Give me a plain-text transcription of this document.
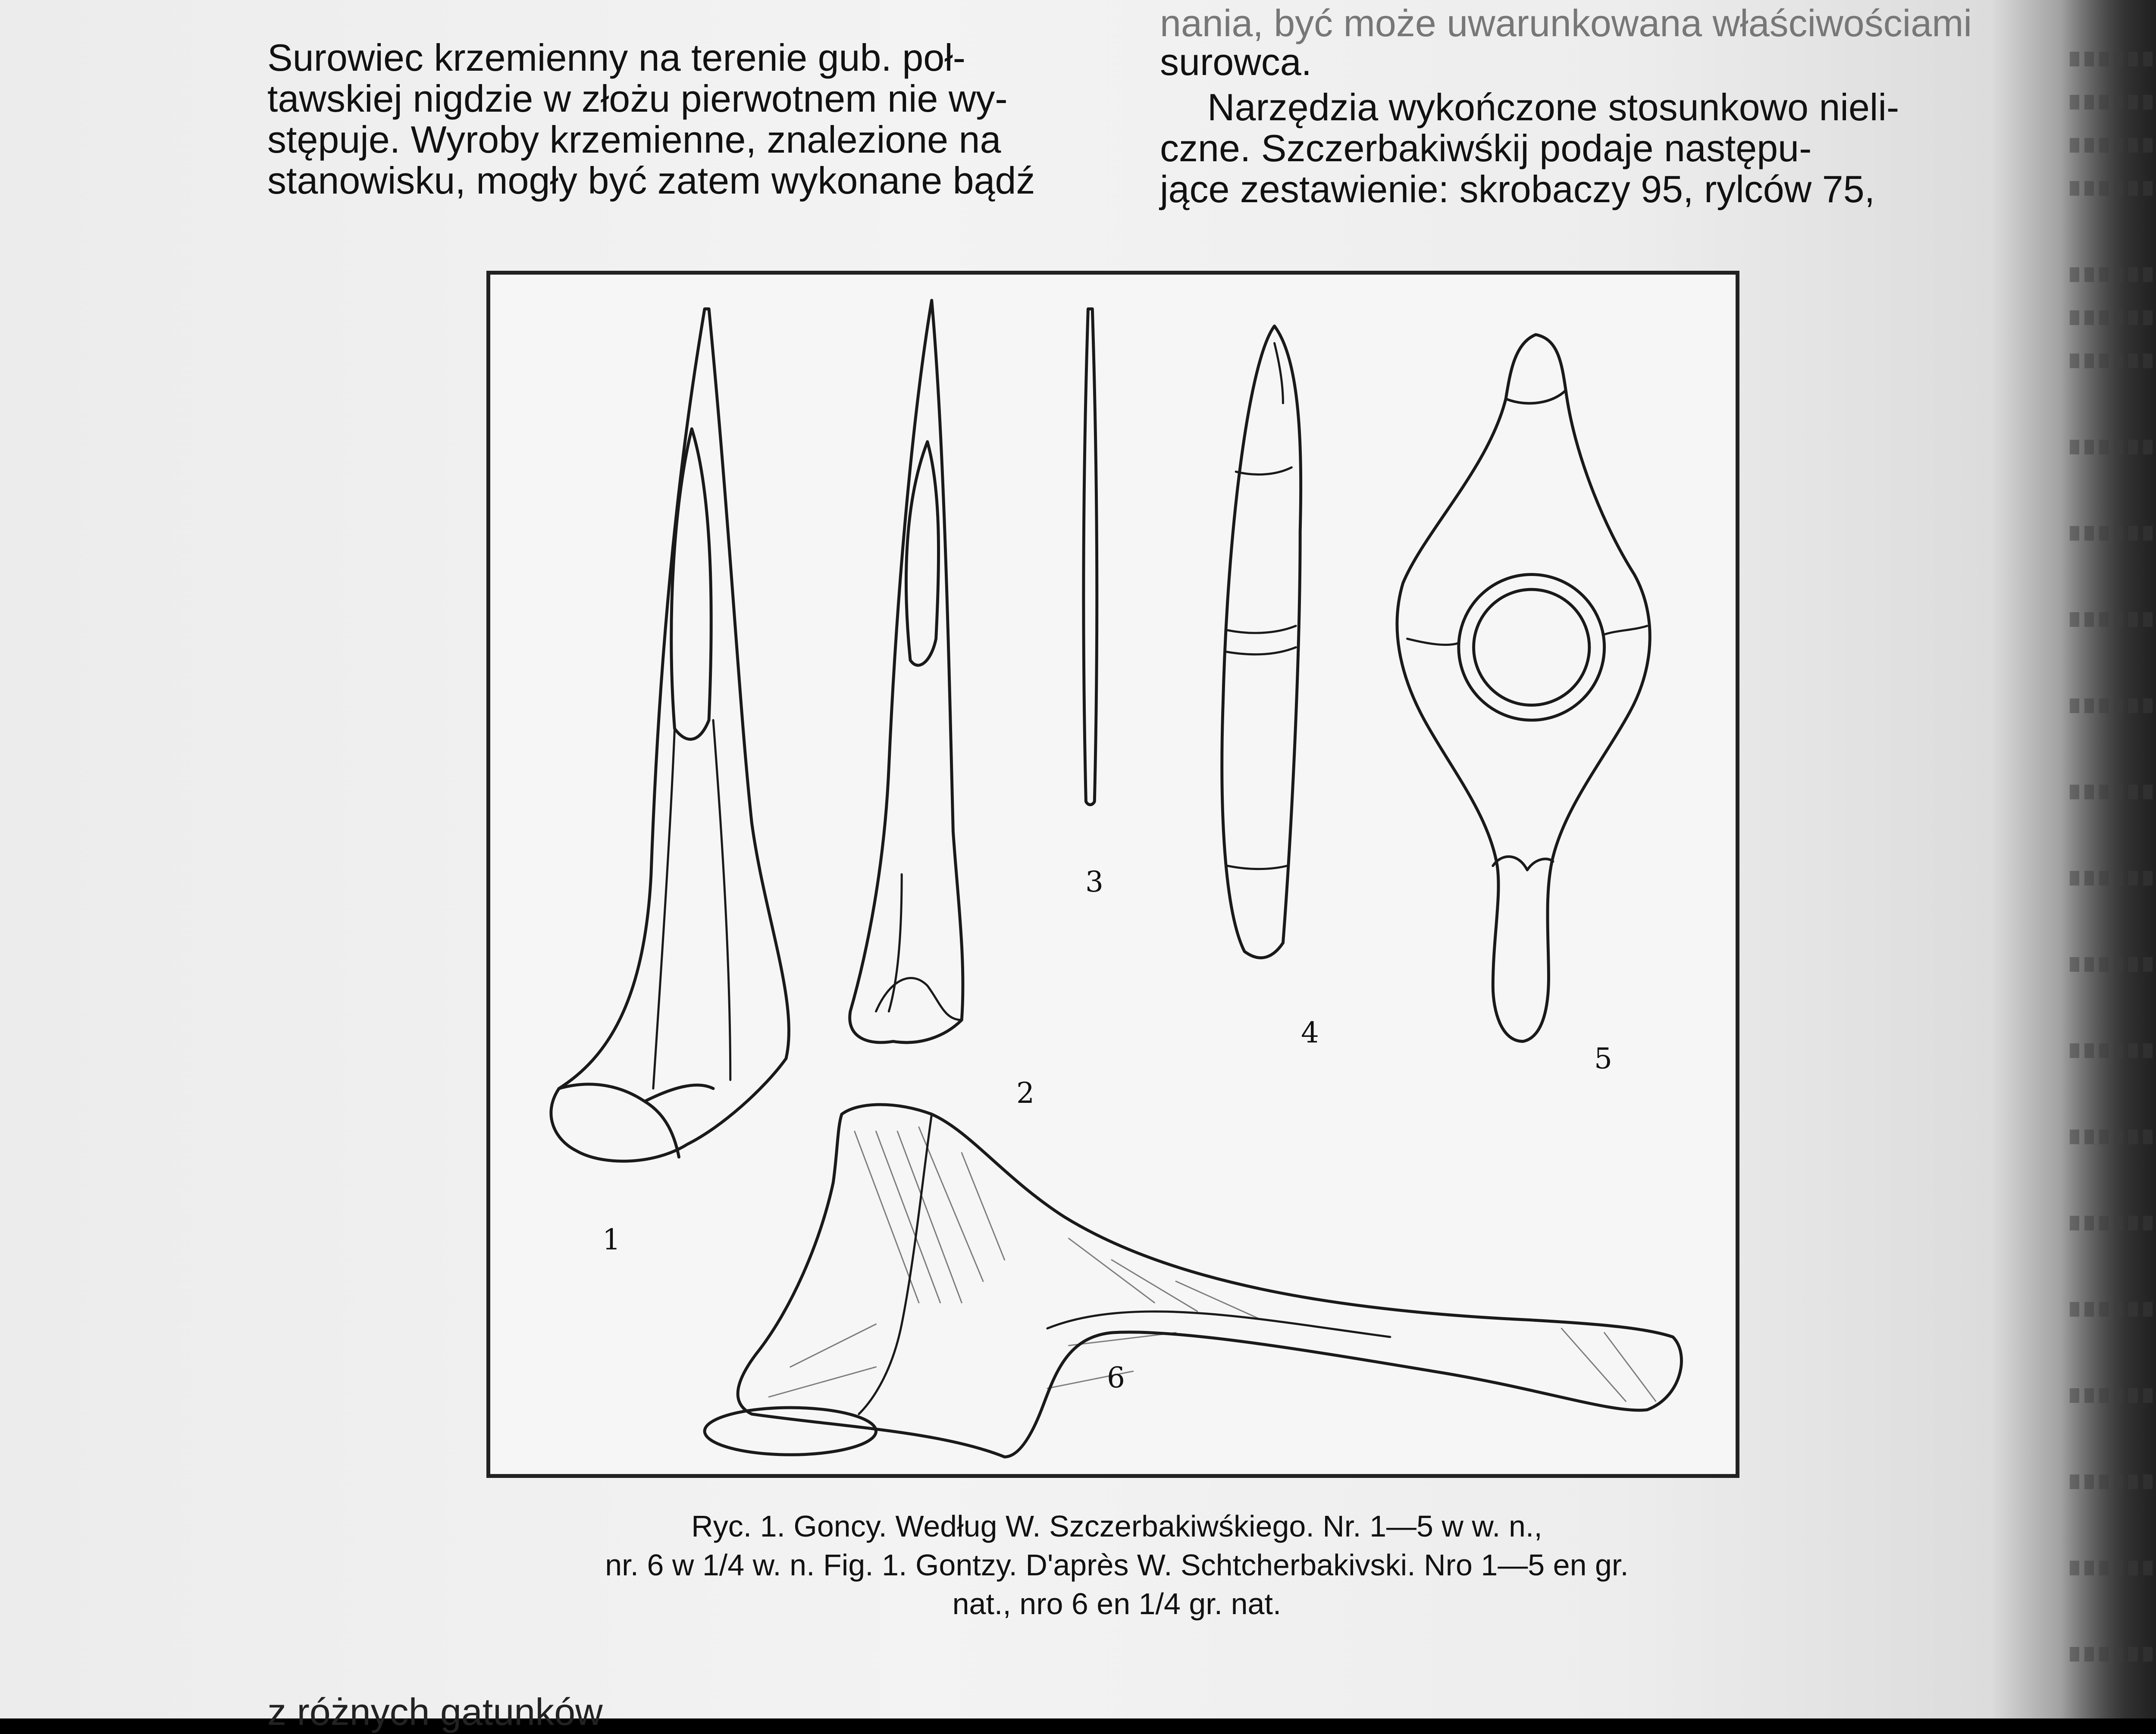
Surowiec krzemienny na terenie gub. poł-
tawskiej nigdzie w złożu pierwotnem nie wy-
stępuje. Wyroby krzemienne, znalezione na
stanowisku, mogły być zatem wykonane bądź
nania, być może uwarunkowana właściwościami
surowca.
Narzędzia wykończone stosunkowo nieli-
czne. Szczerbakiwśkij podaje następu-
jące zestawienie: skrobaczy 95, rylców 75,
1
2
3
4
5
6
Ryc. 1. Goncy. Według W. Szczerbakiwśkiego. Nr. 1—5 w w. n.,
nr. 6 w 1/4 w. n. Fig. 1. Gontzy. D'après W. Schtcherbakivski. Nro 1—5 en gr.
nat., nro 6 en 1/4 gr. nat.
z różnych gatunków
